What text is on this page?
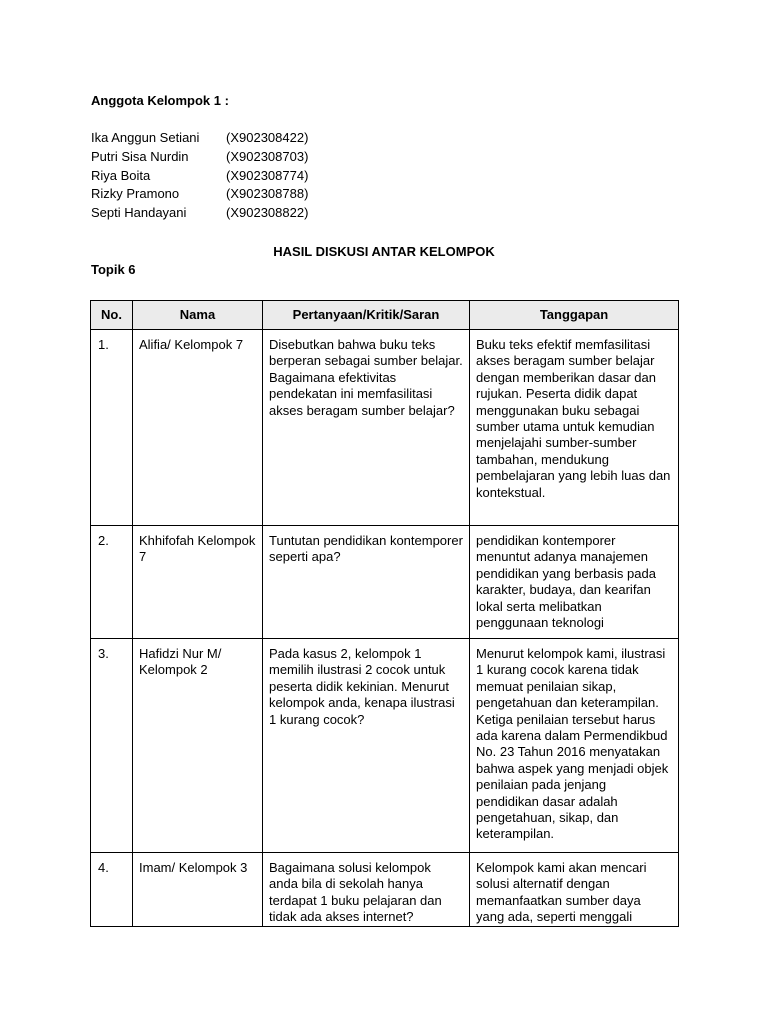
Anggota Kelompok 1 :
Ika Anggun Setiani (X902308422)
Putri Sisa Nurdin	(X902308703)
Riya Boita	(X902308774)
Rizky Pramono	(X902308788)
Septi Handayani	(X902308822)
HASIL DISKUSI ANTAR KELOMPOK
Topik 6
No.	Nama	Pertanyaan/Kritik/Saran	Tanggapan
1.	Alifia/ Kelompok 7	Disebutkan bahwa buku teks berperan sebagai sumber belajar. Bagaimana efektivitas pendekatan ini memfasilitasi akses beragam sumber belajar?	Buku teks efektif memfasilitasi akses beragam sumber belajar dengan memberikan dasar dan rujukan. Peserta didik dapat menggunakan buku sebagai sumber utama untuk kemudian menjelajahi sumber-sumber tambahan, mendukung pembelajaran yang lebih luas dan kontekstual.
2.	Khhifofah Kelompok 7	Tuntutan pendidikan kontemporer seperti apa?	pendidikan kontemporer menuntut adanya manajemen pendidikan yang berbasis pada karakter, budaya, dan kearifan lokal serta melibatkan penggunaan teknologi
3.	Hafidzi Nur M/ Kelompok 2	Pada kasus 2, kelompok 1 memilih ilustrasi 2 cocok untuk peserta didik kekinian. Menurut kelompok anda, kenapa ilustrasi 1 kurang cocok?	Menurut kelompok kami, ilustrasi 1 kurang cocok karena tidak memuat penilaian sikap, pengetahuan dan keterampilan. Ketiga penilaian tersebut harus ada karena dalam Permendikbud No. 23 Tahun 2016 menyatakan bahwa aspek yang menjadi objek penilaian pada jenjang pendidikan dasar adalah pengetahuan, sikap, dan keterampilan.
4.	Imam/ Kelompok 3	Bagaimana solusi kelompok anda bila di sekolah hanya terdapat 1 buku pelajaran dan tidak ada akses internet?	Kelompok kami akan mencari solusi alternatif dengan memanfaatkan sumber daya yang ada, seperti menggali
